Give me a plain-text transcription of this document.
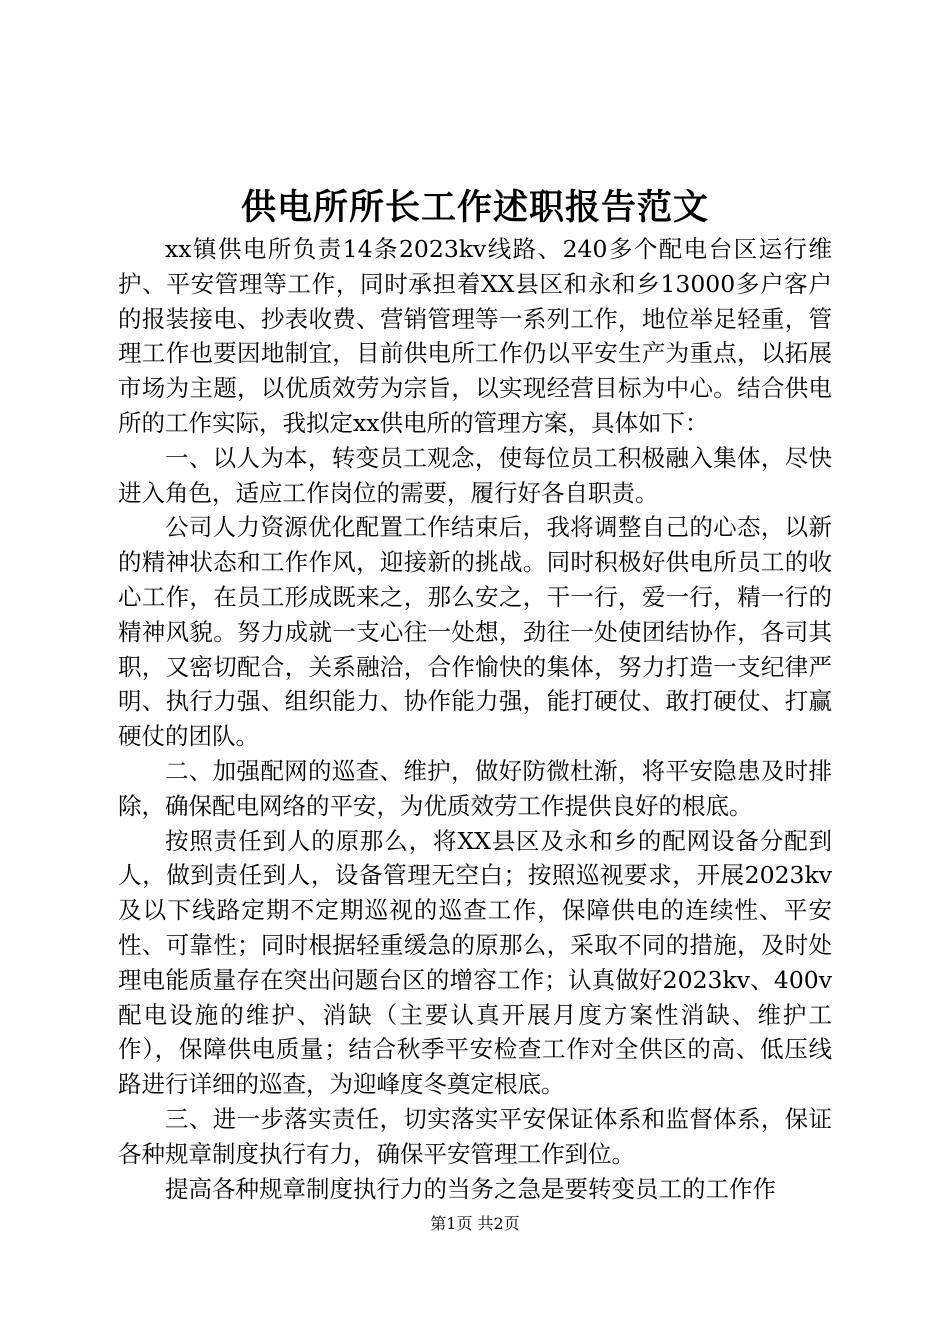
供电所所长工作述职报告范文

xx镇供电所负责14条2023kv线路、240多个配电台区运行维护、平安管理等工作，同时承担着XX县区和永和乡13000多户客户的报装接电、抄表收费、营销管理等一系列工作，地位举足轻重，管理工作也要因地制宜，目前供电所工作仍以平安生产为重点，以拓展市场为主题，以优质效劳为宗旨，以实现经营目标为中心。结合供电所的工作实际，我拟定xx供电所的管理方案，具体如下：

一、以人为本，转变员工观念，使每位员工积极融入集体，尽快进入角色，适应工作岗位的需要，履行好各自职责。

公司人力资源优化配置工作结束后，我将调整自己的心态，以新的精神状态和工作作风，迎接新的挑战。同时积极好供电所员工的收心工作，在员工形成既来之，那么安之，干一行，爱一行，精一行的精神风貌。努力成就一支心往一处想，劲往一处使团结协作，各司其职，又密切配合，关系融洽，合作愉快的集体，努力打造一支纪律严明、执行力强、组织能力、协作能力强，能打硬仗、敢打硬仗、打赢硬仗的团队。

二、加强配网的巡查、维护，做好防微杜渐，将平安隐患及时排除，确保配电网络的平安，为优质效劳工作提供良好的根底。

按照责任到人的原那么，将XX县区及永和乡的配网设备分配到人，做到责任到人，设备管理无空白；按照巡视要求，开展2023kv及以下线路定期不定期巡视的巡查工作，保障供电的连续性、平安性、可靠性；同时根据轻重缓急的原那么，采取不同的措施，及时处理电能质量存在突出问题台区的增容工作；认真做好2023kv、400v配电设施的维护、消缺（主要认真开展月度方案性消缺、维护工作），保障供电质量；结合秋季平安检查工作对全供区的高、低压线路进行详细的巡查，为迎峰度冬奠定根底。

三、进一步落实责任，切实落实平安保证体系和监督体系，保证各种规章制度执行有力，确保平安管理工作到位。

提高各种规章制度执行力的当务之急是要转变员工的工作作

第1页 共2页
